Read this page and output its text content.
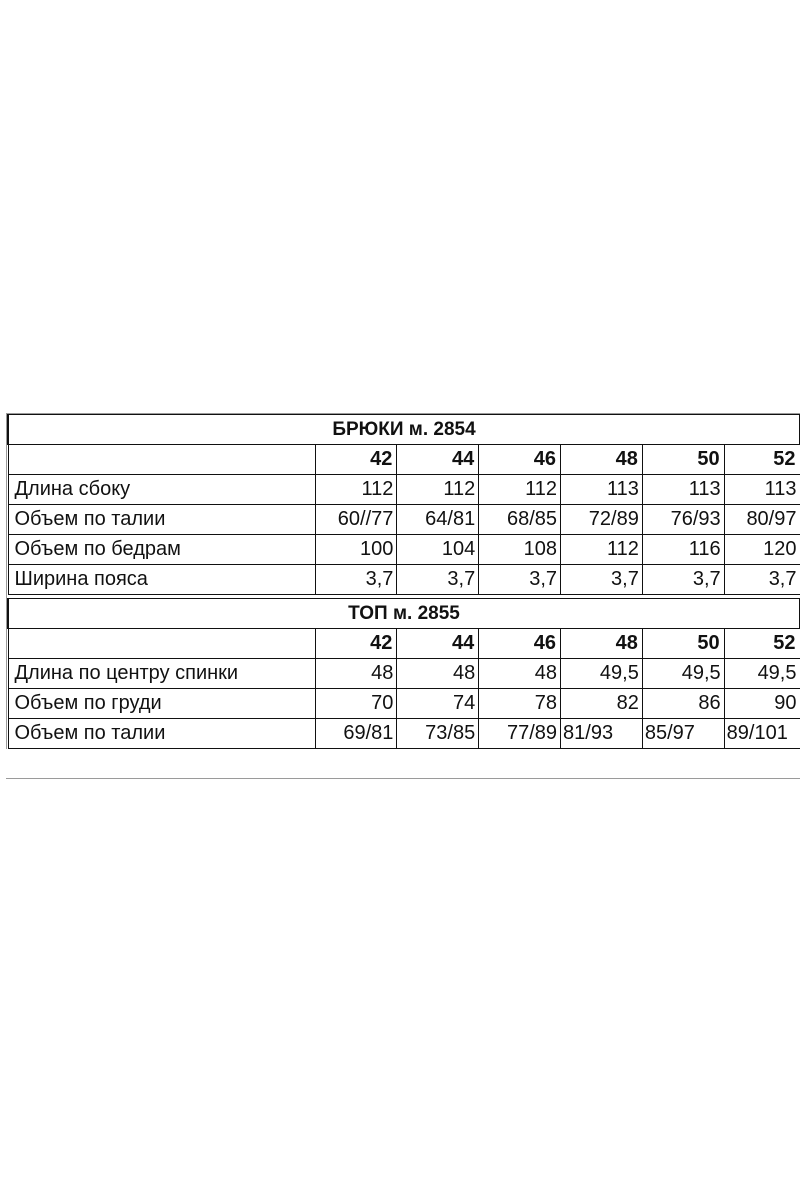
БРЮКИ м. 2854						
	42	44	46	48	50	52
Длина сбоку	112	112	112	113	113	113
Объем по талии	60//77	64/81	68/85	72/89	76/93	80/97
Объем по бедрам	100	104	108	112	116	120
Ширина пояса	3,7	3,7	3,7	3,7	3,7	3,7

ТОП м. 2855						
	42	44	46	48	50	52
Длина по центру спинки	48	48	48	49,5	49,5	49,5
Объем по груди	70	74	78	82	86	90
Объем по талии	69/81	73/85	77/89	81/93	85/97	89/101
